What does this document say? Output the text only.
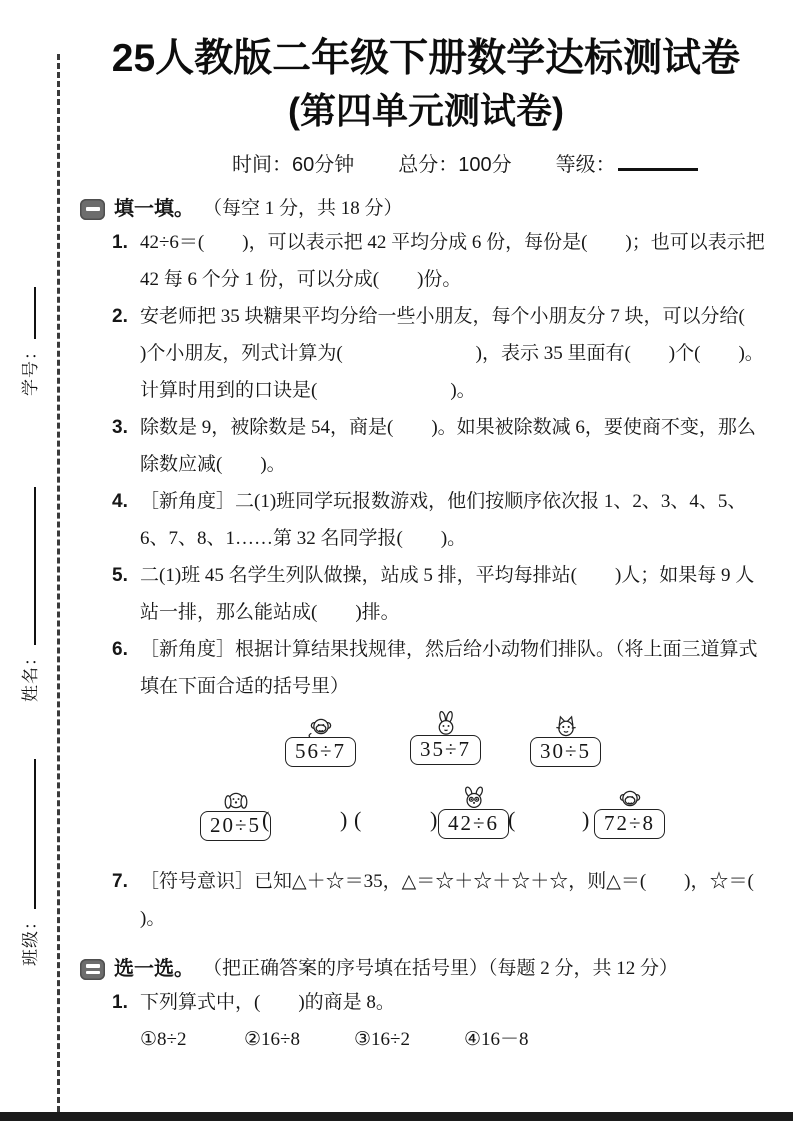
学号：
姓名：
班级：
25人教版二年级下册数学达标测试卷
(第四单元测试卷)
时间：60分钟 总分：100分 等级：
填一填。 （每空 1 分，共 18 分）
1. 42÷6＝(        )，可以表示把 42 平均分成 6 份，每份是(        )；也可以表示把 42 每 6 个分 1 份，可以分成(        )份。
2. 安老师把 35 块糖果平均分给一些小朋友，每个小朋友分 7 块，可以分给(        )个小朋友，列式计算为(                            )，表示 35 里面有(        )个(        )。计算时用到的口诀是(                            )。
3. 除数是 9，被除数是 54，商是(        )。如果被除数减 6，要使商不变，那么除数应减(        )。
4. ［新角度］二(1)班同学玩报数游戏，他们按顺序依次报 1、2、3、4、5、6、7、8、1……第 32 名同学报(        )。
5. 二(1)班 45 名学生列队做操，站成 5 排，平均每排站(        )人；如果每 9 人站一排，那么能站成(        )排。
6. ［新角度］根据计算结果找规律，然后给小动物们排队。（将上面三道算式填在下面合适的括号里）
56÷7	35÷7	30÷5
20÷5 (	) (	) 42÷6 (	) 72÷8
7. ［符号意识］已知△＋☆＝35，△＝☆＋☆＋☆＋☆，则△＝(        )，☆＝(        )。
选一选。 （把正确答案的序号填在括号里）（每题 2 分，共 12 分）
1. 下列算式中，(        )的商是 8。
①8÷2	②16÷8	③16÷2	④16－8
